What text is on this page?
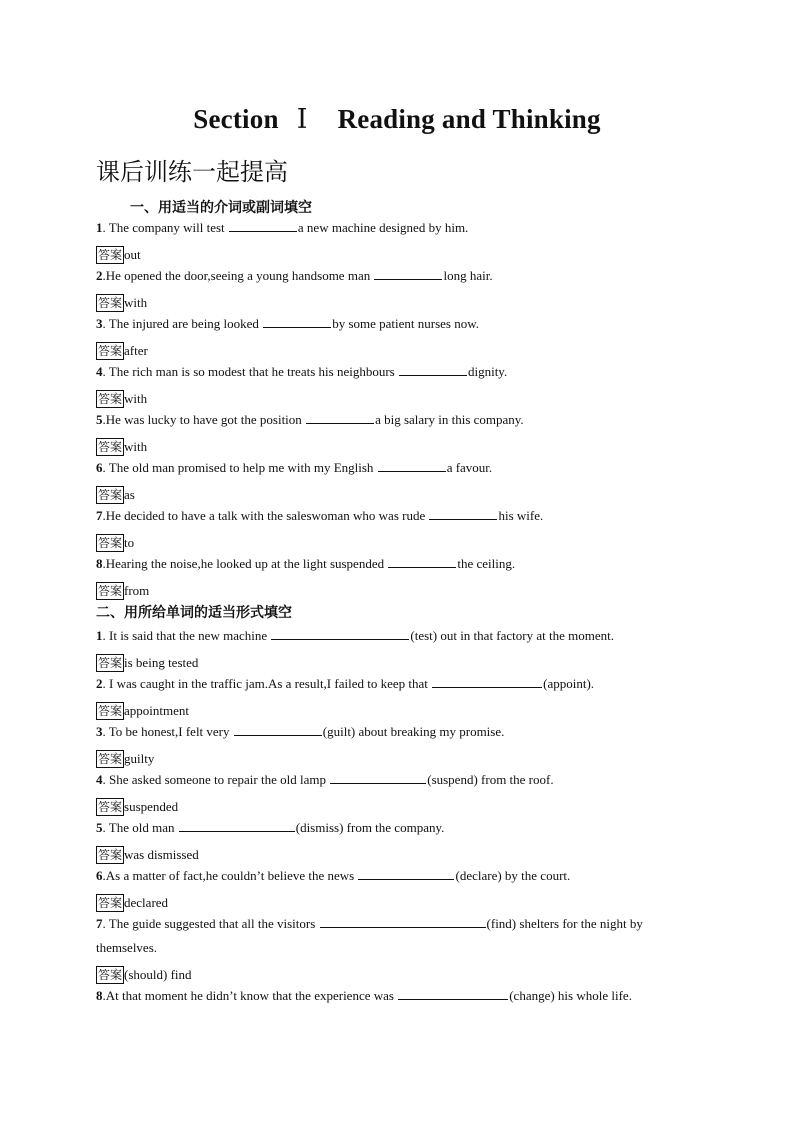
Section Ⅰ Reading and Thinking
课后训练一起提高
一、用适当的介词或副词填空
1. The company will test	a new machine designed by him.
答案 out
2.He opened the door,seeing a young handsome man	long hair.
答案 with
3. The injured are being looked	by some patient nurses now.
答案 after
4. The rich man is so modest that he treats his neighbours	dignity.
答案 with
5.He was lucky to have got the position	a big salary in this company.
答案 with
6. The old man promised to help me with my English	a favour.
答案 as
7.He decided to have a talk with the saleswoman who was rude	his wife.
答案 to
8.Hearing the noise,he looked up at the light suspended	the ceiling.
答案 from
二、用所给单词的适当形式填空
1. It is said that the new machine	(test) out in that factory at the moment.
答案 is being tested
2. I was caught in the traffic jam.As a result,I failed to keep that	(appoint).
答案 appointment
3. To be honest,I felt very	(guilt) about breaking my promise.
答案 guilty
4. She asked someone to repair the old lamp	(suspend) from the roof.
答案 suspended
5. The old man	(dismiss) from the company.
答案 was dismissed
6.As a matter of fact,he couldn’t believe the news	(declare) by the court.
答案 declared
7. The guide suggested that all the visitors	(find) shelters for the night by
themselves.
答案 (should) find
8.At that moment he didn’t know that the experience was	(change) his whole life.
